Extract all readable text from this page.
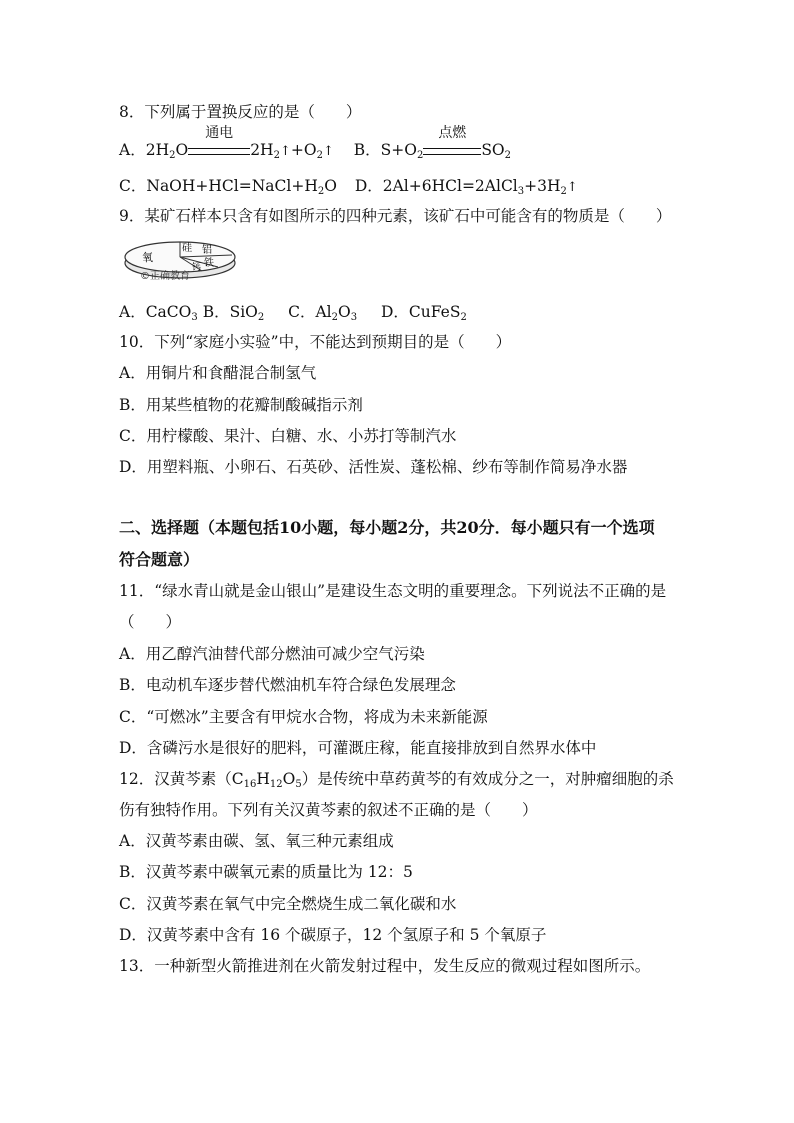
8．下列属于置换反应的是（　　）
A．$2H_2O$
通电
$2H_2↑+O_2↑$ B．$S+O_2$
点燃
$SO_2$
C．$NaOH+HCl=NaCl+H_2O$ D．$2Al+6HCl=2AlCl_3+3H_2↑$
9．某矿石样本只含有如图所示的四种元素，该矿石中可能含有的物质是（　　）
氧
硅 铝
铁
钙
©正确教育
A．CaCO$_3$ B．SiO$_2$ C．$Al_2O_3$ D．CuFeS$_2$
10．下列“家庭小实验”中，不能达到预期目的是（　　）
A．用铜片和食醋混合制氢气
B．用某些植物的花瓣制酸碱指示剂
C．用柠檬酸、果汁、白糖、水、小苏打等制汽水
D．用塑料瓶、小卵石、石英砂、活性炭、蓬松棉、纱布等制作简易净水器
二、选择题（本题包括10小题，每小题2分，共20分．每小题只有一个选项
符合题意）
11．“绿水青山就是金山银山”是建设生态文明的重要理念。下列说法不正确的是
（　　）
A．用乙醇汽油替代部分燃油可减少空气污染
B．电动机车逐步替代燃油机车符合绿色发展理念
C．“可燃冰”主要含有甲烷水合物，将成为未来新能源
D．含磷污水是很好的肥料，可灌溉庄稼，能直接排放到自然界水体中
12．汉黄芩素$(C_{16}H_{12}O_5)$是传统中草药黄芩的有效成分之一，对肿瘤细胞的杀
伤有独特作用。下列有关汉黄芩素的叙述不正确的是（　　）
A．汉黄芩素由碳、氢、氧三种元素组成
B．汉黄芩素中碳氧元素的质量比为 12：5
C．汉黄芩素在氧气中完全燃烧生成二氧化碳和水
D．汉黄芩素中含有 16 个碳原子，12 个氢原子和 5 个氧原子
13．一种新型火箭推进剂在火箭发射过程中，发生反应的微观过程如图所示。
